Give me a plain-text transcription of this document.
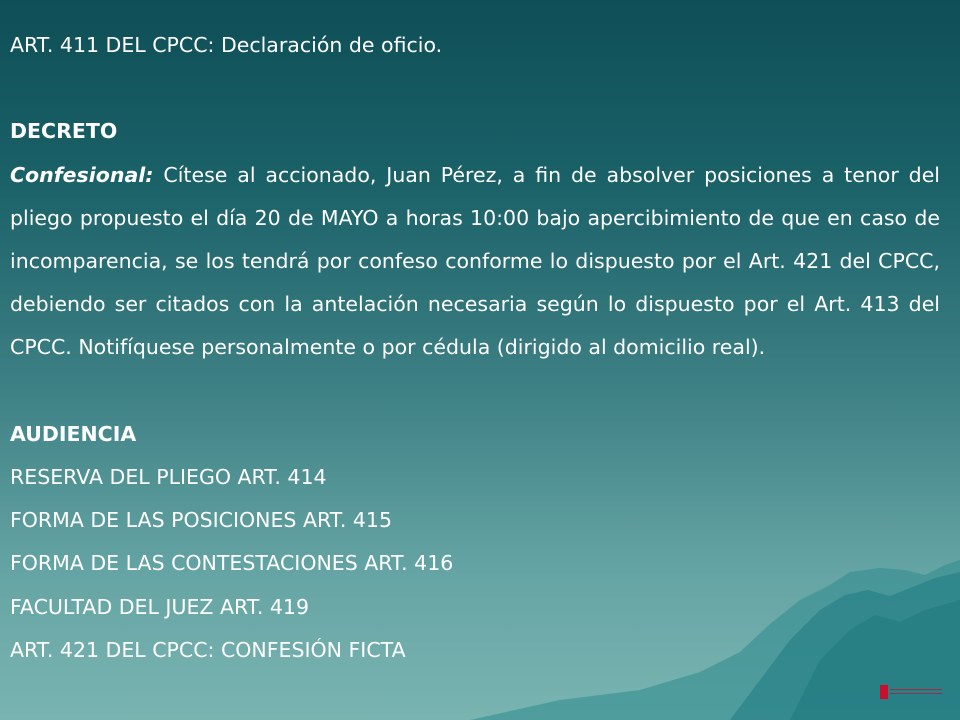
ART. 411 DEL CPCC: Declaración de oficio.
DECRETO
Confesional: Cítese al accionado, Juan Pérez, a fin de absolver posiciones a tenor del pliego propuesto el día 20 de MAYO a horas 10:00 bajo apercibimiento de que en caso de incomparencia, se los tendrá por confeso conforme lo dispuesto por el Art. 421 del CPCC, debiendo ser citados con la antelación necesaria según lo dispuesto por el Art. 413 del CPCC. Notifíquese personalmente o por cédula (dirigido al domicilio real).
AUDIENCIA
RESERVA DEL PLIEGO ART. 414
FORMA DE LAS POSICIONES ART. 415
FORMA DE LAS CONTESTACIONES ART. 416
FACULTAD DEL JUEZ ART. 419
ART. 421 DEL CPCC: CONFESIÓN FICTA
